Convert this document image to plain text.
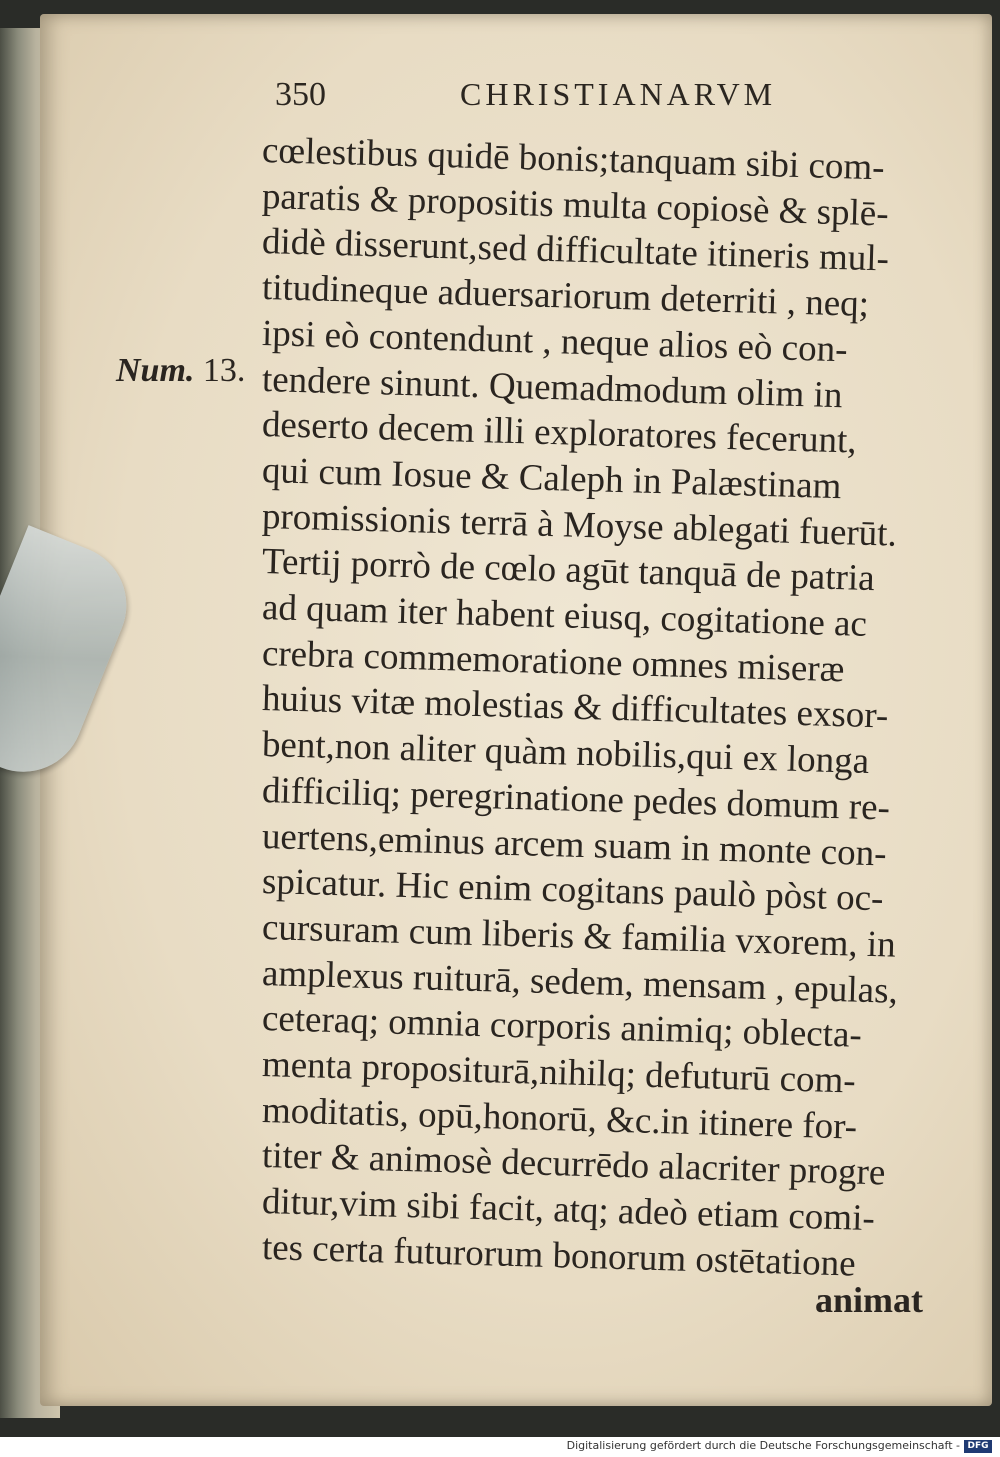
350	CHRISTIANARVM
Num. 13.
cœlestibus quidē bonis;tanquam sibi com-
paratis & propositis multa copiosè & splē-
didè disserunt,sed difficultate itineris mul-
titudineque aduersariorum deterriti , neq;
ipsi eò contendunt , neque alios eò con-
tendere sinunt. Quemadmodum olim in
deserto decem illi exploratores fecerunt,
qui cum Iosue & Caleph in Palæstinam
promissionis terrā à Moyse ablegati fuerūt.
Tertij porrò de cœlo agūt tanquā de patria
ad quam iter habent eiusq, cogitatione ac
crebra commemoratione omnes miseræ
huius vitæ molestias & difficultates exsor-
bent,non aliter quàm nobilis,qui ex longa
difficiliq; peregrinatione pedes domum re-
uertens,eminus arcem suam in monte con-
spicatur. Hic enim cogitans paulò pòst oc-
cursuram cum liberis & familia vxorem, in
amplexus ruiturā, sedem, mensam , epulas,
ceteraq; omnia corporis animiq; oblecta-
menta propositurā,nihilq; defuturū com-
moditatis, opū,honorū, &c.in itinere for-
titer & animosè decurrēdo alacriter progre
ditur,vim sibi facit, atq; adeò etiam comi-
tes certa futurorum bonorum ostētatione
animat
Digitalisierung gefördert durch die Deutsche Forschungsgemeinschaft - DFG
